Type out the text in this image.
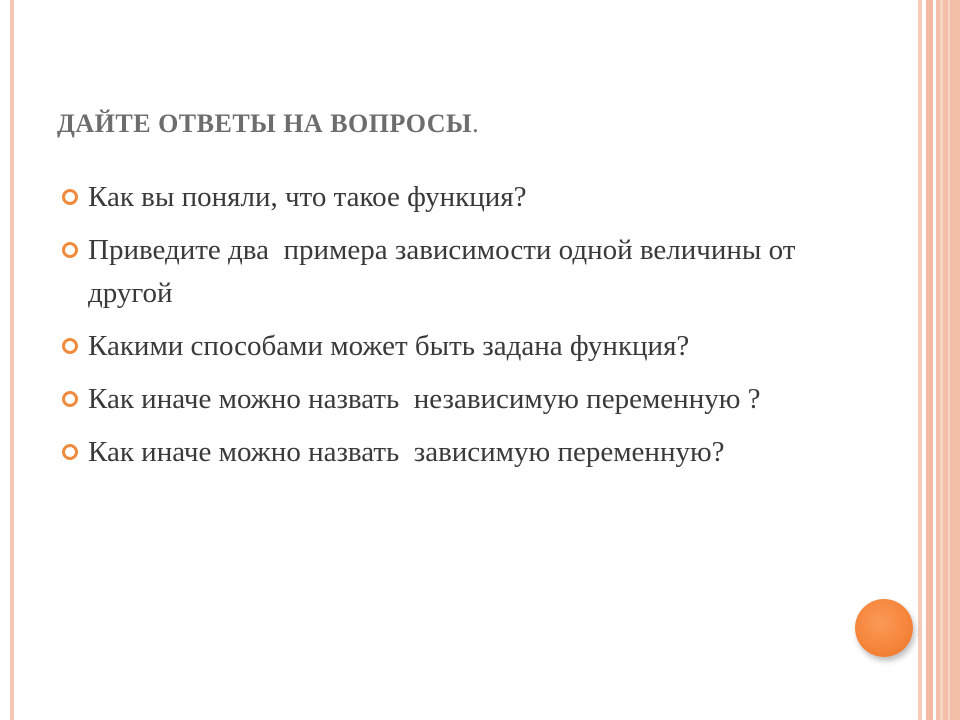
ДАЙТЕ ОТВЕТЫ НА ВОПРОСЫ.
Как вы поняли, что такое функция?
Приведите два  примера зависимости одной величины от другой
Какими способами может быть задана функция?
Как иначе можно назвать  независимую переменную ?
Как иначе можно назвать  зависимую переменную?
